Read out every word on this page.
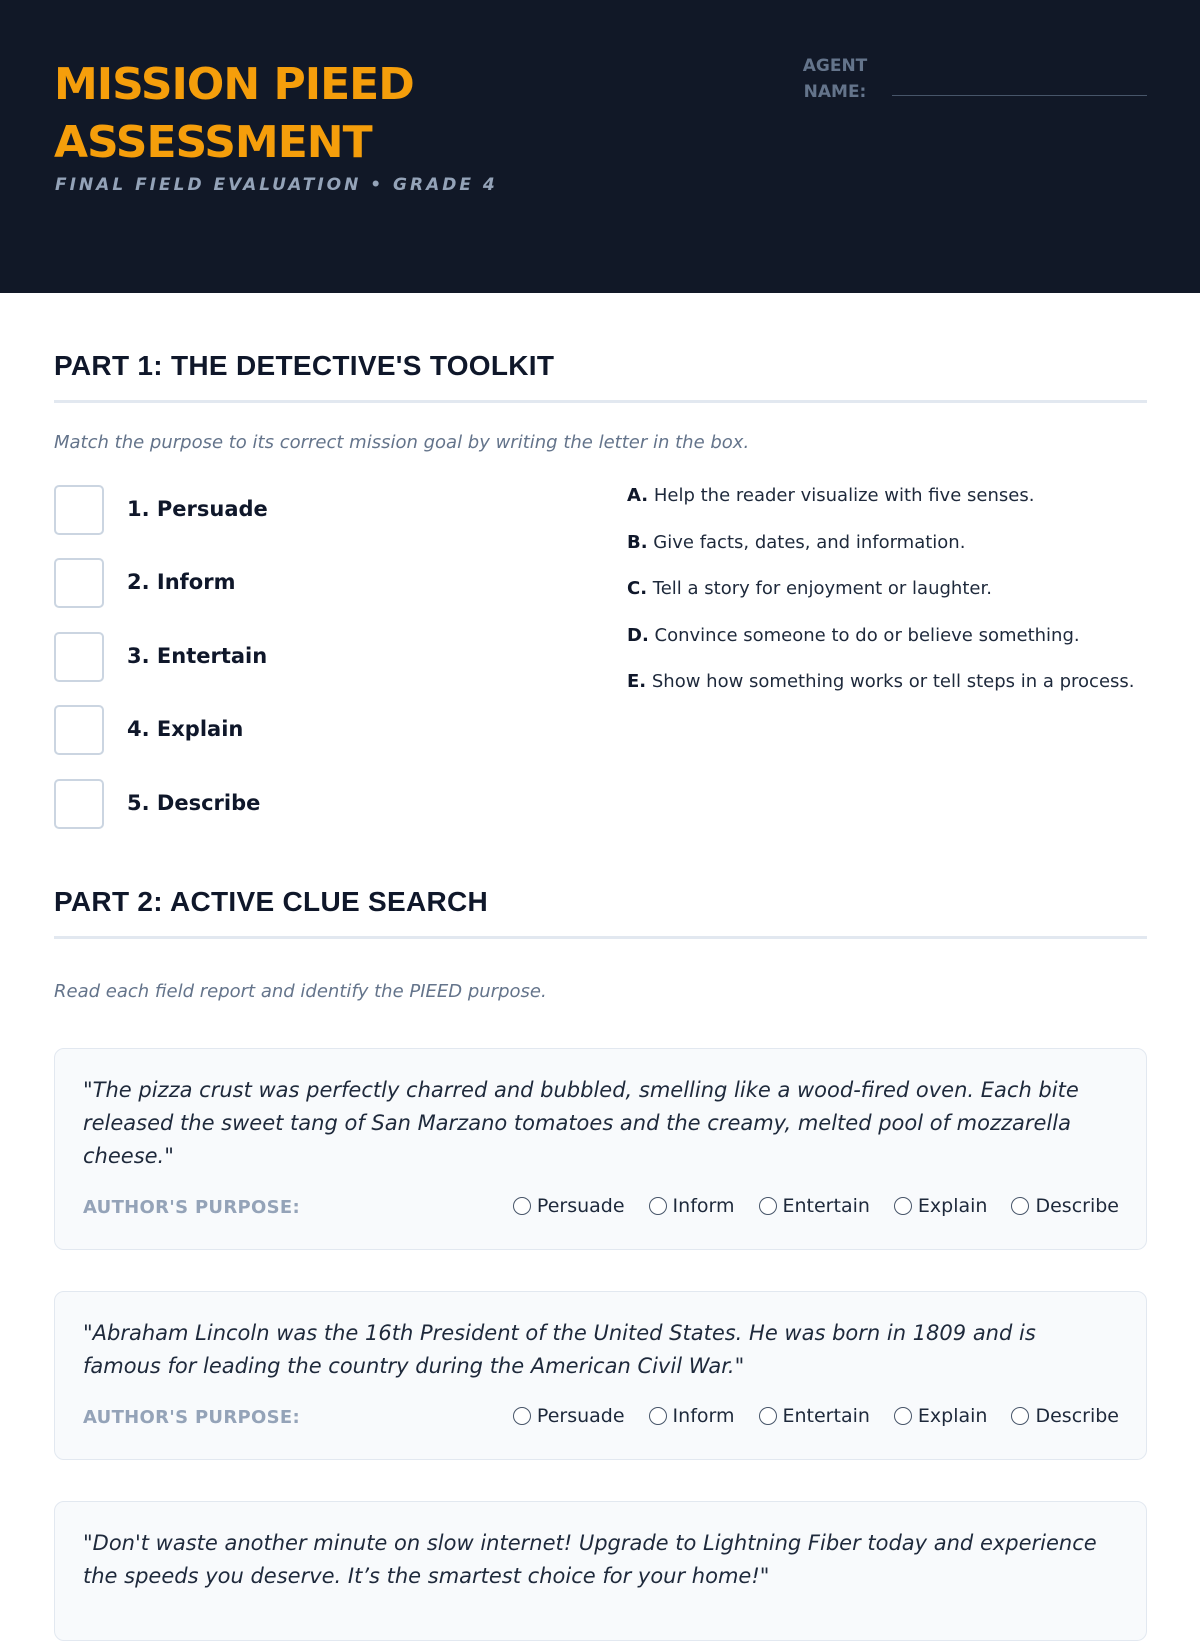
MISSION PIEED
ASSESSMENT
FINAL FIELD EVALUATION • GRADE 4
AGENT
NAME:
PART 1: THE DETECTIVE'S TOOLKIT
Match the purpose to its correct mission goal by writing the letter in the box.
1. Persuade
2. Inform
3. Entertain
4. Explain
5. Describe
A. Help the reader visualize with five senses.
B. Give facts, dates, and information.
C. Tell a story for enjoyment or laughter.
D. Convince someone to do or believe something.
E. Show how something works or tell steps in a process.
PART 2: ACTIVE CLUE SEARCH
Read each field report and identify the PIEED purpose.

"The pizza crust was perfectly charred and bubbled, smelling like a wood-fired oven. Each bite released the sweet tang of San Marzano tomatoes and the creamy, melted pool of mozzarella cheese."

AUTHOR'S PURPOSE:	Persuade	Inform	Entertain	Explain	Describe

"Abraham Lincoln was the 16th President of the United States. He was born in 1809 and is famous for leading the country during the American Civil War."

AUTHOR'S PURPOSE:	Persuade	Inform	Entertain	Explain	Describe

"Don't waste another minute on slow internet! Upgrade to Lightning Fiber today and experience the speeds you deserve. It’s the smartest choice for your home!"
